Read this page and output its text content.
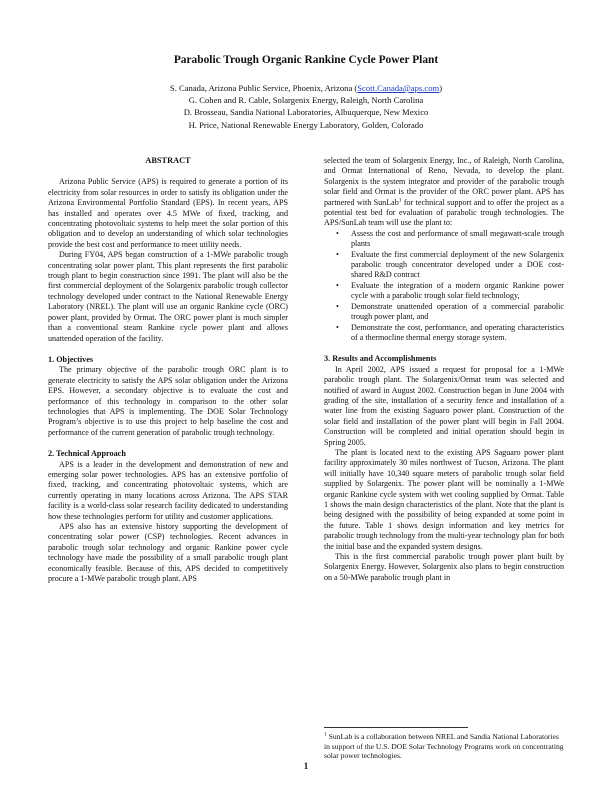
Parabolic Trough Organic Rankine Cycle Power Plant
S. Canada, Arizona Public Service, Phoenix, Arizona (Scott.Canada@aps.com)
G. Cohen and R. Cable, Solargenix Energy, Raleigh, North Carolina
D. Brosseau, Sandia National Laboratories, Albuquerque, New Mexico
H. Price, National Renewable Energy Laboratory, Golden, Colorado
ABSTRACT

Arizona Public Service (APS) is required to generate a portion of its electricity from solar resources in order to satisfy its obligation under the Arizona Environmental Portfolio Standard (EPS). In recent years, APS has installed and operates over 4.5 MWe of fixed, tracking, and concentrating photovoltaic systems to help meet the solar portion of this obligation and to develop an understanding of which solar technologies provide the best cost and performance to meet utility needs.

During FY04, APS began construction of a 1-MWe parabolic trough concentrating solar power plant. This plant represents the first parabolic trough plant to begin construction since 1991. The plant will also be the first commercial deployment of the Solargenix parabolic trough collector technology developed under contract to the National Renewable Energy Laboratory (NREL). The plant will use an organic Rankine cycle (ORC) power plant, provided by Ormat. The ORC power plant is much simpler than a conventional steam Rankine cycle power plant and allows unattended operation of the facility.

1. Objectives

The primary objective of the parabolic trough ORC plant is to generate electricity to satisfy the APS solar obligation under the Arizona EPS. However, a secondary objective is to evaluate the cost and performance of this technology in comparison to the other solar technologies that APS is implementing. The DOE Solar Technology Program’s objective is to use this project to help baseline the cost and performance of the current generation of parabolic trough technology.

2. Technical Approach

APS is a leader in the development and demonstration of new and emerging solar power technologies. APS has an extensive portfolio of fixed, tracking, and concentrating photovoltaic systems, which are currently operating in many locations across Arizona. The APS STAR facility is a world-class solar research facility dedicated to understanding how these technologies perform for utility and customer applications.

APS also has an extensive history supporting the development of concentrating solar power (CSP) technologies. Recent advances in parabolic trough solar technology and organic Rankine power cycle technology have made the possibility of a small parabolic trough plant economically feasible. Because of this, APS decided to competitively procure a 1-MWe parabolic trough plant. APS

selected the team of Solargenix Energy, Inc., of Raleigh, North Carolina, and Ormat International of Reno, Nevada, to develop the plant. Solargenix is the system integrator and provider of the parabolic trough solar field and Ormat is the provider of the ORC power plant. APS has partnered with SunLab$^1$ for technical support and to offer the project as a potential test bed for evaluation of parabolic trough technologies. The APS/SunLab team will use the plant to:

• Assess the cost and performance of small megawatt-scale trough plants
• Evaluate the first commercial deployment of the new Solargenix parabolic trough concentrator developed under a DOE cost-shared R&D contract
• Evaluate the integration of a modern organic Rankine power cycle with a parabolic trough solar field technology,
• Demonstrate unattended operation of a commercial parabolic trough power plant, and
• Demonstrate the cost, performance, and operating characteristics of a thermocline thermal energy storage system.
3. Results and Accomplishments

In April 2002, APS issued a request for proposal for a 1-MWe parabolic trough plant. The Solargenix/Ormat team was selected and notified of award in August 2002. Construction began in June 2004 with grading of the site, installation of a security fence and installation of a water line from the existing Saguaro power plant. Construction of the solar field and installation of the power plant will begin in Fall 2004. Construction will be completed and initial operation should begin in Spring 2005.

The plant is located next to the existing APS Saguaro power plant facility approximately 30 miles northwest of Tucson, Arizona. The plant will initially have 10,340 square meters of parabolic trough solar field supplied by Solargenix. The power plant will be nominally a 1-MWe organic Rankine cycle system with wet cooling supplied by Ormat. Table 1 shows the main design characteristics of the plant. Note that the plant is being designed with the possibility of being expanded at some point in the future. Table 1 shows design information and key metrics for parabolic trough technology from the multi-year technology plan for both the initial base and the expanded system designs.

This is the first commercial parabolic trough power plant built by Solargenix Energy. However, Solargenix also plans to begin construction on a 50-MWe parabolic trough plant in

$^1$ SunLab is a collaboration between NREL and Sandia National Laboratories in support of the U.S. DOE Solar Technology Programs work on concentrating solar power technologies.
1
